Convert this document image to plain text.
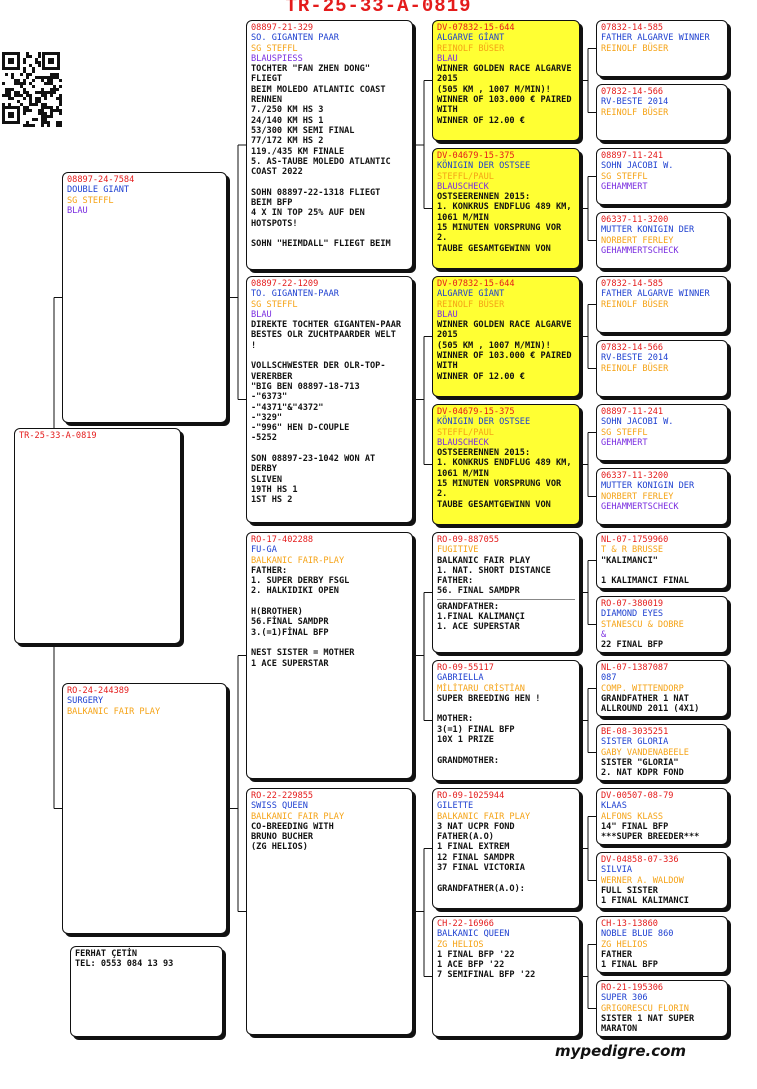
TR-25-33-A-0819
TR-25-33-A-0819
FERHAT ÇETİN
TEL: 0553 084 13 93
08897-24-7584
DOUBLE GIANT
SG STEFFL
BLAU
RO-24-244389
SURGERY
BALKANIC FAIR PLAY
08897-21-329
SO. GIGANTEN PAAR
SG STEFFL
BLAUSPIESS
TOCHTER "FAN ZHEN DONG"
FLIEGT
BEIM MOLEDO ATLANTIC COAST
RENNEN
7./250 KM HS 3
24/140 KM HS 1
53/300 KM SEMI FINAL
77/172 KM HS 2
119./435 KM FINALE
5. AS-TAUBE MOLEDO ATLANTIC
COAST 2022

SOHN 08897-22-1318 FLIEGT
BEIM BFP
4 X IN TOP 25% AUF DEN
HOTSPOTS!

SOHN "HEIMDALL" FLIEGT BEIM
08897-22-1209
TO. GIGANTEN-PAAR
SG STEFFL
BLAU
DIREKTE TOCHTER GIGANTEN-PAAR
BESTES OLR ZUCHTPAARDER WELT
!

VOLLSCHWESTER DER OLR-TOP-
VERERBER
"BIG BEN 08897-18-713
-"6373"
-"4371"&"4372"
-"329"
-"996" HEN D-COUPLE
-5252

SON 08897-23-1042 WON AT
DERBY
SLIVEN
19TH HS 1
1ST HS 2
RO-17-402288
FU-GA
BALKANIC FAIR-PLAY
FATHER:
1. SUPER DERBY FSGL
2. HALKIDIKI OPEN

H(BROTHER)
56.FİNAL SAMDPR
3.(=1)FİNAL BFP

NEST SISTER = MOTHER
1 ACE SUPERSTAR
RO-22-229855
SWISS QUEEN
BALKANIC FAIR PLAY
CO-BREEDING WITH
BRUNO BUCHER
(ZG HELIOS)
DV-07832-15-644
ALGARVE GİANT
REINOLF BÜSER
BLAU
WINNER GOLDEN RACE ALGARVE
2015
(505 KM , 1007 M/MIN)!
WINNER OF 103.000 € PAIRED
WITH
WINNER OF 12.00 €
DV-04679-15-375
KÖNIGIN DER OSTSEE
STEFFL/PAUL
BLAUSCHECK
OSTSEERENNEN 2015:
1. KONKRUS ENDFLUG 489 KM,
1061 M/MIN
15 MINUTEN VORSPRUNG VOR
2.
TAUBE GESAMTGEWINN VON
DV-07832-15-644
ALGARVE GİANT
REINOLF BÜSER
BLAU
WINNER GOLDEN RACE ALGARVE
2015
(505 KM , 1007 M/MIN)!
WINNER OF 103.000 € PAIRED
WITH
WINNER OF 12.00 €
DV-04679-15-375
KÖNIGIN DER OSTSEE
STEFFL/PAUL
BLAUSCHECK
OSTSEERENNEN 2015:
1. KONKRUS ENDFLUG 489 KM,
1061 M/MIN
15 MINUTEN VORSPRUNG VOR
2.
TAUBE GESAMTGEWINN VON
RO-09-887055
FUGITIVE
BALKANIC FAIR PLAY
1. NAT. SHORT DISTANCE
FATHER:
56. FINAL SAMDPR
GRANDFATHER:
1.FINAL KALIMANÇI
1. ACE SUPERSTAR
RO-09-55117
GABRIELLA
MİLİTARU CRİSTİAN
SUPER BREEDING HEN !

MOTHER:
3(=1) FINAL BFP
10X 1 PRIZE

GRANDMOTHER:
RO-09-1025944
GILETTE
BALKANIC FAIR PLAY
3 NAT UCPR FOND
FATHER(A.O)
1 FINAL EXTREM
12 FINAL SAMDPR
37 FINAL VICTORIA

GRANDFATHER(A.O):
CH-22-16966
BALKANIC QUEEN
ZG HELIOS
1 FINAL BFP '22
1 ACE BFP '22
7 SEMIFINAL BFP '22
07832-14-585
FATHER ALGARVE WINNER
REINOLF BÜSER
07832-14-566
RV-BESTE 2014
REINOLF BÜSER
08897-11-241
SOHN JACOBI W.
SG STEFFL
GEHAMMERT
06337-11-3200
MUTTER KONIGIN DER
NORBERT FERLEY
GEHAMMERTSCHECK
07832-14-585
FATHER ALGARVE WINNER
REINOLF BÜSER
07832-14-566
RV-BESTE 2014
REINOLF BÜSER
08897-11-241
SOHN JACOBI W.
SG STEFFL
GEHAMMERT
06337-11-3200
MUTTER KONIGIN DER
NORBERT FERLEY
GEHAMMERTSCHECK
NL-07-1759960
T & R BRUSSE
"KALIMANCI"

1 KALIMANCI FINAL
RO-07-380019
DIAMOND EYES
STANESCU & DOBRE
&
22 FINAL BFP
NL-07-1387087
087
COMP. WITTENDORP
GRANDFATHER 1 NAT
ALLROUND 2011 (4X1)
BE-08-3035251
SISTER GLORIA
GABY VANDENABEELE
SISTER "GLORIA"
2. NAT KDPR FOND
DV-00507-08-79
KLAAS
ALFONS KLASS
14" FINAL BFP
***SUPER BREEDER***
DV-04858-07-336
SILVIA
WERNER A. WALDOW
FULL SISTER
1 FINAL KALIMANCI
CH-13-13860
NOBLE BLUE 860
ZG HELIOS
FATHER
1 FINAL BFP
RO-21-195306
SUPER 306
GRIGORESCU FLORIN
SISTER 1 NAT SUPER
MARATON
mypedigre.com
